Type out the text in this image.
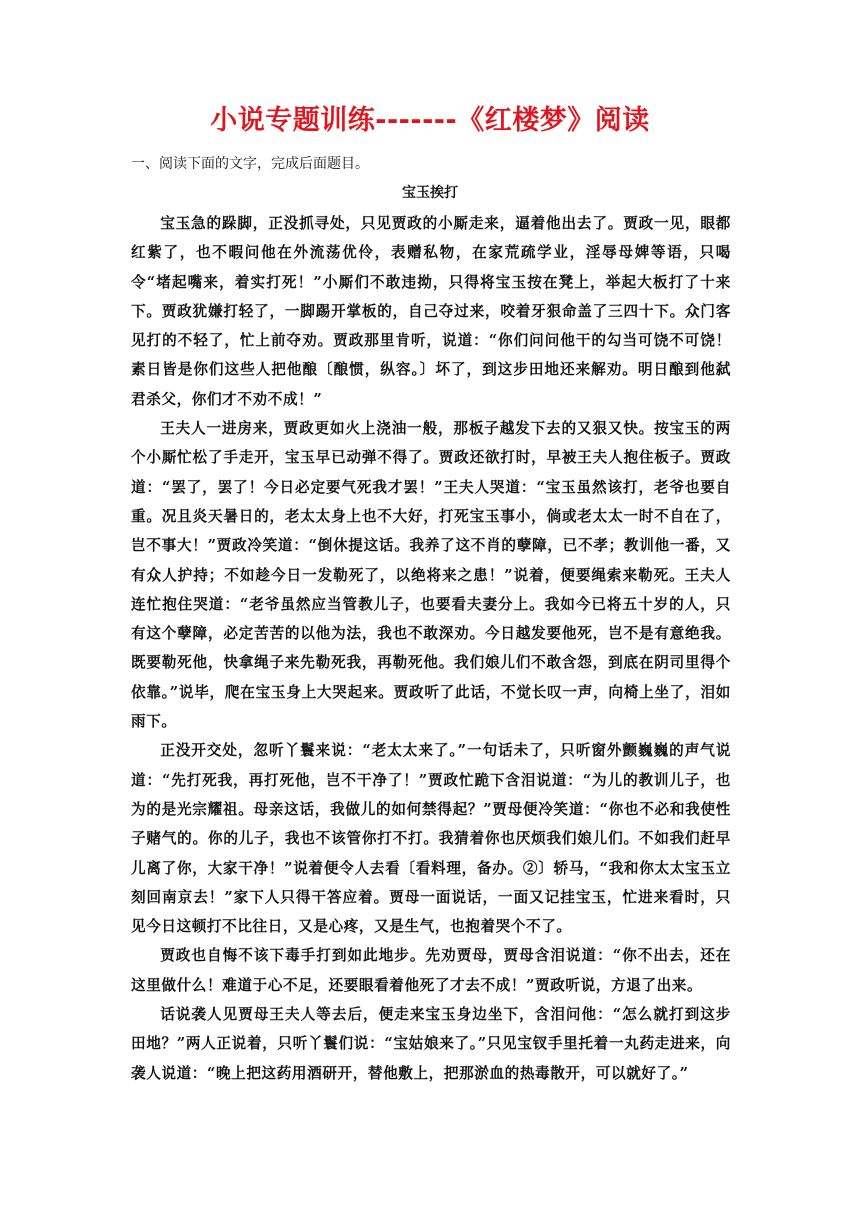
小说专题训练-------《红楼梦》阅读
一、阅读下面的文字，完成后面题目。
宝玉挨打

宝玉急的跺脚，正没抓寻处，只见贾政的小厮走来，逼着他出去了。贾政一见，眼都红紫了，也不暇问他在外流荡优伶，表赠私物，在家荒疏学业，淫辱母婢等语，只喝令“堵起嘴来，着实打死！”小厮们不敢违拗，只得将宝玉按在凳上，举起大板打了十来下。贾政犹嫌打轻了，一脚踢开掌板的，自己夺过来，咬着牙狠命盖了三四十下。众门客见打的不轻了，忙上前夺劝。贾政那里肯听，说道：“你们问问他干的勾当可饶不可饶！素日皆是你们这些人把他酿〔酿惯，纵容。〕坏了，到这步田地还来解劝。明日酿到他弑君杀父，你们才不劝不成！”

王夫人一进房来，贾政更如火上浇油一般，那板子越发下去的又狠又快。按宝玉的两个小厮忙松了手走开，宝玉早已动弹不得了。贾政还欲打时，早被王夫人抱住板子。贾政道：“罢了，罢了！今日必定要气死我才罢！”王夫人哭道：“宝玉虽然该打，老爷也要自重。况且炎天暑日的，老太太身上也不大好，打死宝玉事小，倘或老太太一时不自在了，岂不事大！”贾政冷笑道：“倒休提这话。我养了这不肖的孽障，已不孝；教训他一番，又有众人护持；不如趁今日一发勒死了，以绝将来之患！”说着，便要绳索来勒死。王夫人连忙抱住哭道：“老爷虽然应当管教儿子，也要看夫妻分上。我如今已将五十岁的人，只有这个孽障，必定苦苦的以他为法，我也不敢深劝。今日越发要他死，岂不是有意绝我。既要勒死他，快拿绳子来先勒死我，再勒死他。我们娘儿们不敢含怨，到底在阴司里得个依靠。”说毕，爬在宝玉身上大哭起来。贾政听了此话，不觉长叹一声，向椅上坐了，泪如雨下。

正没开交处，忽听丫鬟来说：“老太太来了。”一句话未了，只听窗外颤巍巍的声气说道：“先打死我，再打死他，岂不干净了！”贾政忙跪下含泪说道：“为儿的教训儿子，也为的是光宗耀祖。母亲这话，我做儿的如何禁得起？”贾母便冷笑道：“你也不必和我使性子赌气的。你的儿子，我也不该管你打不打。我猜着你也厌烦我们娘儿们。不如我们赶早儿离了你，大家干净！”说着便令人去看〔看料理，备办。②〕轿马，“我和你太太宝玉立刻回南京去！”家下人只得干答应着。贾母一面说话，一面又记挂宝玉，忙进来看时，只见今日这顿打不比往日，又是心疼，又是生气，也抱着哭个不了。

贾政也自悔不该下毒手打到如此地步。先劝贾母，贾母含泪说道：“你不出去，还在这里做什么！难道于心不足，还要眼看着他死了才去不成！”贾政听说，方退了出来。

话说袭人见贾母王夫人等去后，便走来宝玉身边坐下，含泪问他：“怎么就打到这步田地？”两人正说着，只听丫鬟们说：“宝姑娘来了。”只见宝钗手里托着一丸药走进来，向袭人说道：“晚上把这药用酒研开，替他敷上，把那淤血的热毒散开，可以就好了。”
